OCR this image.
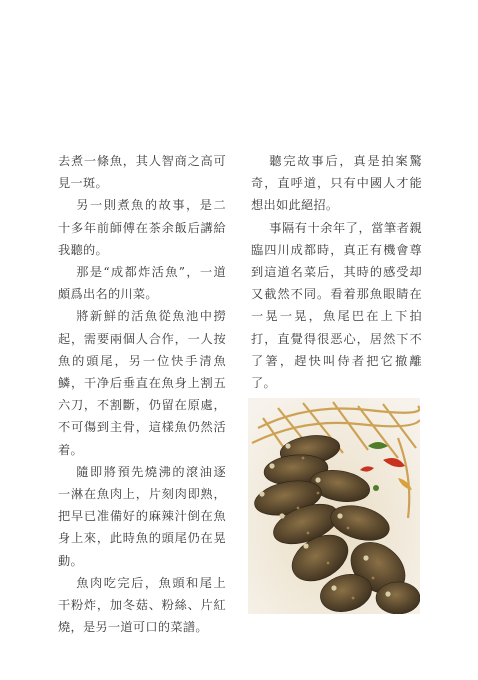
去煮一條魚，其人智商之高可見一斑。

另一則煮魚的故事，是二十多年前師傅在茶余飯后講給我聽的。

那是“成都炸活魚”，一道頗爲出名的川菜。

將新鮮的活魚從魚池中撈起，需要兩個人合作，一人按魚的頭尾，另一位快手清魚鱗，干净后垂直在魚身上割五六刀，不割斷，仍留在原處，不可傷到主骨，這樣魚仍然活着。

隨即將預先燒沸的滾油逐一淋在魚肉上，片刻肉即熟，把早已准備好的麻辣汁倒在魚身上來，此時魚的頭尾仍在晃動。

魚肉吃完后，魚頭和尾上干粉炸，加冬菇、粉絲、片紅燒，是另一道可口的菜譜。

聽完故事后，真是拍案驚奇，直呼道，只有中國人才能想出如此絕招。

事隔有十余年了，當筆者親臨四川成都時，真正有機會尊到這道名菜后，其時的感受却又截然不同。看着那魚眼睛在一晃一晃，魚尾巴在上下拍打，直覺得很恶心，居然下不了箸，趕快叫侍者把它撤離了。
